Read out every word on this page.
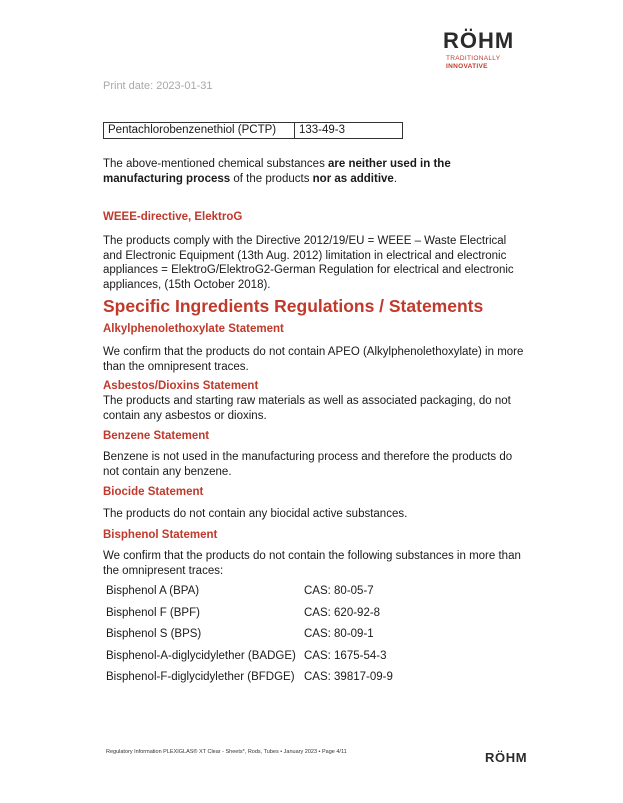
RÖHM
TRADITIONALLY
INNOVATIVE
Print date: 2023-01-31
Pentachlorobenzenethiol (PCTP)	133-49-3

The above-mentioned chemical substances are neither used in the manufacturing process of the products nor as additive.

WEEE-directive, ElektroG

The products comply with the Directive 2012/19/EU = WEEE – Waste Electrical and Electronic Equipment (13th Aug. 2012) limitation in electrical and electronic appliances = ElektroG/ElektroG2-German Regulation for electrical and electronic appliances, (15th October 2018).

Specific Ingredients Regulations / Statements

Alkylphenolethoxylate Statement

We confirm that the products do not contain APEO (Alkylphenolethoxylate) in more than the omnipresent traces.

Asbestos/Dioxins Statement

The products and starting raw materials as well as associated packaging, do not contain any asbestos or dioxins.

Benzene Statement

Benzene is not used in the manufacturing process and therefore the products do not contain any benzene.

Biocide Statement

The products do not contain any biocidal active substances.

Bisphenol Statement

We confirm that the products do not contain the following substances in more than the omnipresent traces:

Bisphenol A (BPA)	CAS: 80-05-7
Bisphenol F (BPF)	CAS: 620-92-8
Bisphenol S (BPS)	CAS: 80-09-1
Bisphenol-A-diglycidylether (BADGE) CAS: 1675-54-3
Bisphenol-F-diglycidylether (BFDGE) CAS: 39817-09-9
Regulatory Information PLEXIGLAS® XT Clear - Sheets*, Rods, Tubes • January 2023 • Page 4/11	RÖHM
